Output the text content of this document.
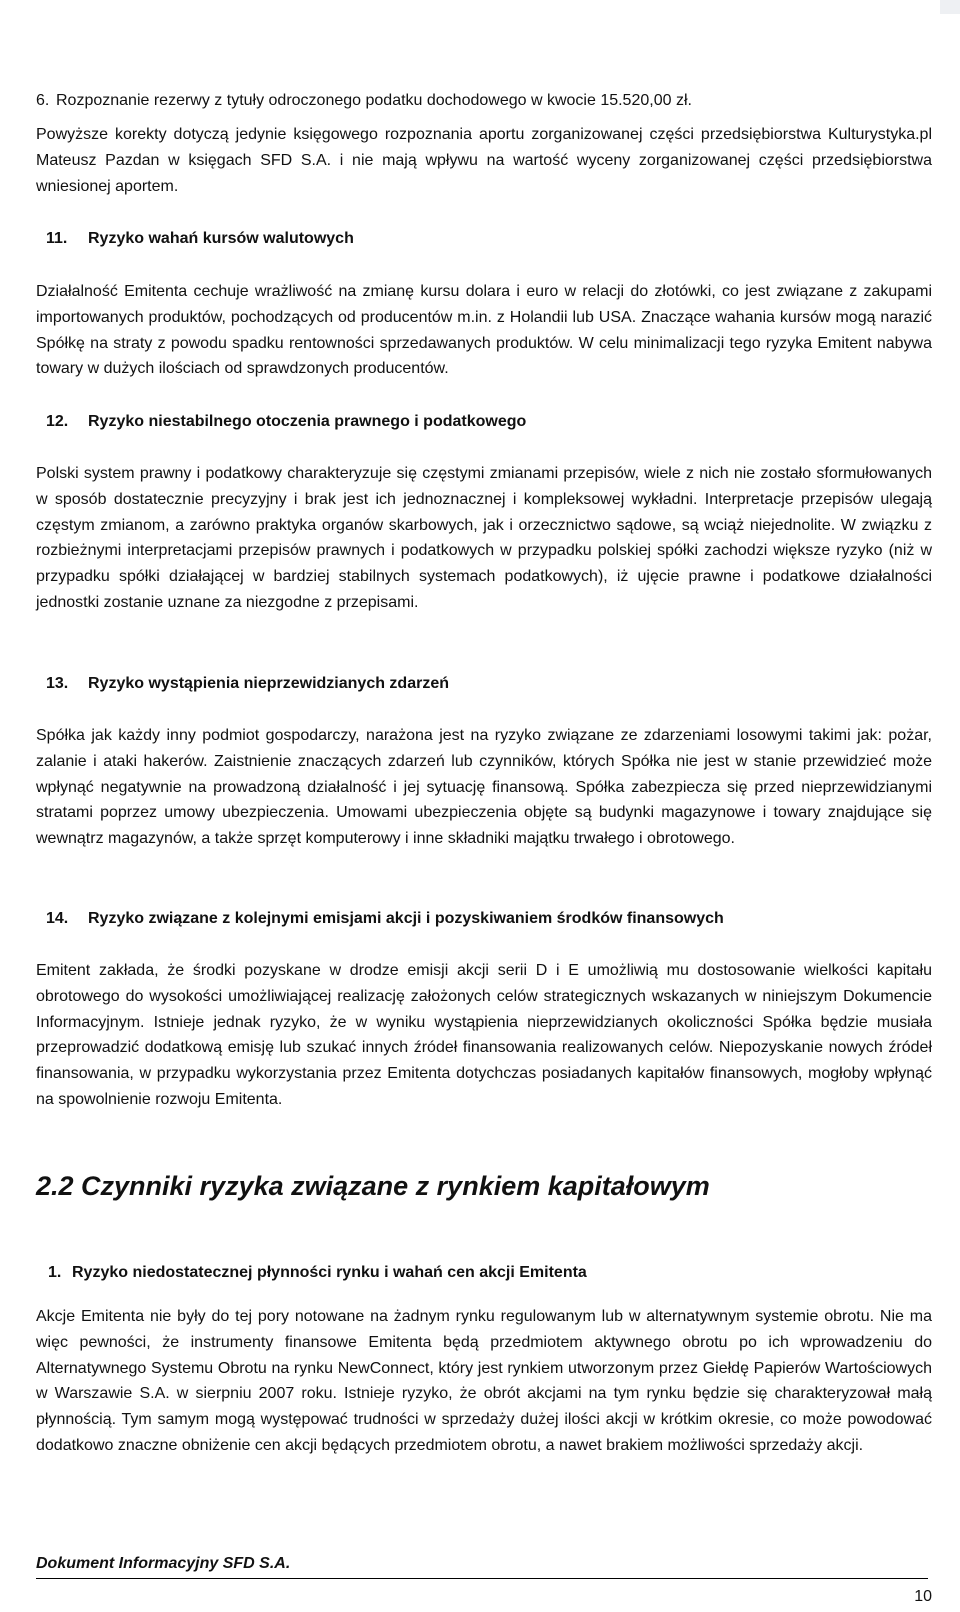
6. Rozpoznanie rezerwy z tytuły odroczonego podatku dochodowego w kwocie 15.520,00 zł.
Powyższe korekty dotyczą jedynie księgowego rozpoznania aportu zorganizowanej części przedsiębiorstwa Kulturystyka.pl Mateusz Pazdan w księgach SFD S.A. i nie mają wpływu na wartość wyceny zorganizowanej części przedsiębiorstwa wniesionej aportem.
11.	Ryzyko wahań kursów walutowych
Działalność Emitenta cechuje wrażliwość na zmianę kursu dolara i euro w relacji do złotówki, co jest związane z zakupami importowanych produktów, pochodzących od producentów m.in. z Holandii lub USA. Znaczące wahania kursów mogą narazić Spółkę na straty z powodu spadku rentowności sprzedawanych produktów. W celu minimalizacji tego ryzyka Emitent nabywa towary w dużych ilościach od sprawdzonych producentów.
12.	Ryzyko niestabilnego otoczenia prawnego i podatkowego
Polski system prawny i podatkowy charakteryzuje się częstymi zmianami przepisów, wiele z nich nie zostało sformułowanych w sposób dostatecznie precyzyjny i brak jest ich jednoznacznej i kompleksowej wykładni. Interpretacje przepisów ulegają częstym zmianom, a zarówno praktyka organów skarbowych, jak i orzecznictwo sądowe, są wciąż niejednolite. W związku z rozbieżnymi interpretacjami przepisów prawnych i podatkowych w przypadku polskiej spółki zachodzi większe ryzyko (niż w przypadku spółki działającej w bardziej stabilnych systemach podatkowych), iż ujęcie prawne i podatkowe działalności jednostki zostanie uznane za niezgodne z przepisami.
13.	Ryzyko wystąpienia nieprzewidzianych zdarzeń
Spółka jak każdy inny podmiot gospodarczy, narażona jest na ryzyko związane ze zdarzeniami losowymi takimi jak: pożar, zalanie i ataki hakerów. Zaistnienie znaczących zdarzeń lub czynników, których Spółka nie jest w stanie przewidzieć może wpłynąć negatywnie na prowadzoną działalność i jej sytuację finansową. Spółka zabezpiecza się przed nieprzewidzianymi stratami poprzez umowy ubezpieczenia. Umowami ubezpieczenia objęte są budynki magazynowe i towary znajdujące się wewnątrz magazynów, a także sprzęt komputerowy i inne składniki majątku trwałego i obrotowego.
14.	Ryzyko związane z kolejnymi emisjami akcji i pozyskiwaniem środków finansowych
Emitent zakłada, że środki pozyskane w drodze emisji akcji serii D i E umożliwią mu dostosowanie wielkości kapitału obrotowego do wysokości umożliwiającej realizację założonych celów strategicznych wskazanych w niniejszym Dokumencie Informacyjnym. Istnieje jednak ryzyko, że w wyniku wystąpienia nieprzewidzianych okoliczności Spółka będzie musiała przeprowadzić dodatkową emisję lub szukać innych źródeł finansowania realizowanych celów. Niepozyskanie nowych źródeł finansowania, w przypadku wykorzystania przez Emitenta dotychczas posiadanych kapitałów finansowych, mogłoby wpłynąć na spowolnienie rozwoju Emitenta.
2.2 Czynniki ryzyka związane z rynkiem kapitałowym
1. Ryzyko niedostatecznej płynności rynku i wahań cen akcji Emitenta
Akcje Emitenta nie były do tej pory notowane na żadnym rynku regulowanym lub w alternatywnym systemie obrotu. Nie ma więc pewności, że instrumenty finansowe Emitenta będą przedmiotem aktywnego obrotu po ich wprowadzeniu do Alternatywnego Systemu Obrotu na rynku NewConnect, który jest rynkiem utworzonym przez Giełdę Papierów Wartościowych w Warszawie S.A. w sierpniu 2007 roku. Istnieje ryzyko, że obrót akcjami na tym rynku będzie się charakteryzował małą płynnością. Tym samym mogą występować trudności w sprzedaży dużej ilości akcji w krótkim okresie, co może powodować dodatkowo znaczne obniżenie cen akcji będących przedmiotem obrotu, a nawet brakiem możliwości sprzedaży akcji.
Dokument Informacyjny SFD S.A.
10
